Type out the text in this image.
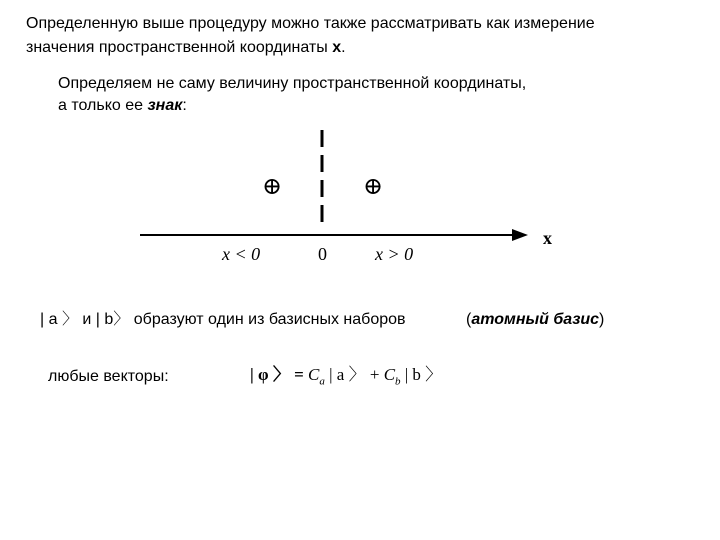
Определенную выше процедуру можно также рассматривать как измерение
значения пространственной координаты x.
Определяем не саму величину пространственной координаты,
а только ее знак:
⊕	⊕
x
x < 0	0	x > 0
| a 〉 и | b〉 образуют один из базисных наборов	(атомный базис)
любые векторы:	| φ 〉 = $C_a$ | a 〉 + $C_b$ | b 〉
